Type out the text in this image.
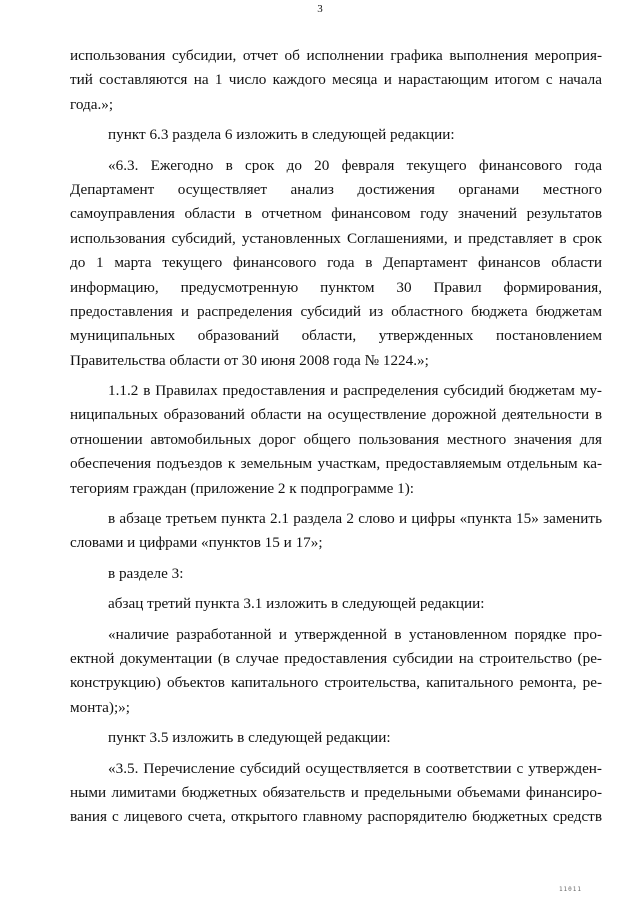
3
использования субсидии, отчет об исполнении графика выполнения мероприя-
тий составляются на 1 число каждого месяца и нарастающим итогом с начала
года.»;
пункт 6.3 раздела 6 изложить в следующей редакции:
«6.3. Ежегодно в срок до 20 февраля текущего финансового года
Департамент осуществляет анализ достижения органами местного
самоуправления области в отчетном финансовом году значений результатов
использования субсидий, установленных Соглашениями, и представляет в срок
до 1 марта текущего финансового года в Департамент финансов области
информацию, предусмотренную пунктом 30 Правил формирования,
предоставления и распределения субсидий из областного бюджета бюджетам
муниципальных образований области, утвержденных постановлением
Правительства области от 30 июня 2008 года № 1224.»;
1.1.2 в Правилах предоставления и распределения субсидий бюджетам му-
ниципальных образований области на осуществление дорожной деятельности в
отношении автомобильных дорог общего пользования местного значения для
обеспечения подъездов к земельным участкам, предоставляемым отдельным ка-
тегориям граждан (приложение 2 к подпрограмме 1):
в абзаце третьем пункта 2.1 раздела 2 слово и цифры «пункта 15» заменить
словами и цифрами «пунктов 15 и 17»;
в разделе 3:
абзац третий пункта 3.1 изложить в следующей редакции:
«наличие разработанной и утвержденной в установленном порядке про-
ектной документации (в случае предоставления субсидии на строительство (ре-
конструкцию) объектов капитального строительства, капитального ремонта, ре-
монта);»;
пункт 3.5 изложить в следующей редакции:
«3.5. Перечисление субсидий осуществляется в соответствии с утвержден-
ными лимитами бюджетных обязательств и предельными объемами финансиро-
вания с лицевого счета, открытого главному распорядителю бюджетных средств
11011
